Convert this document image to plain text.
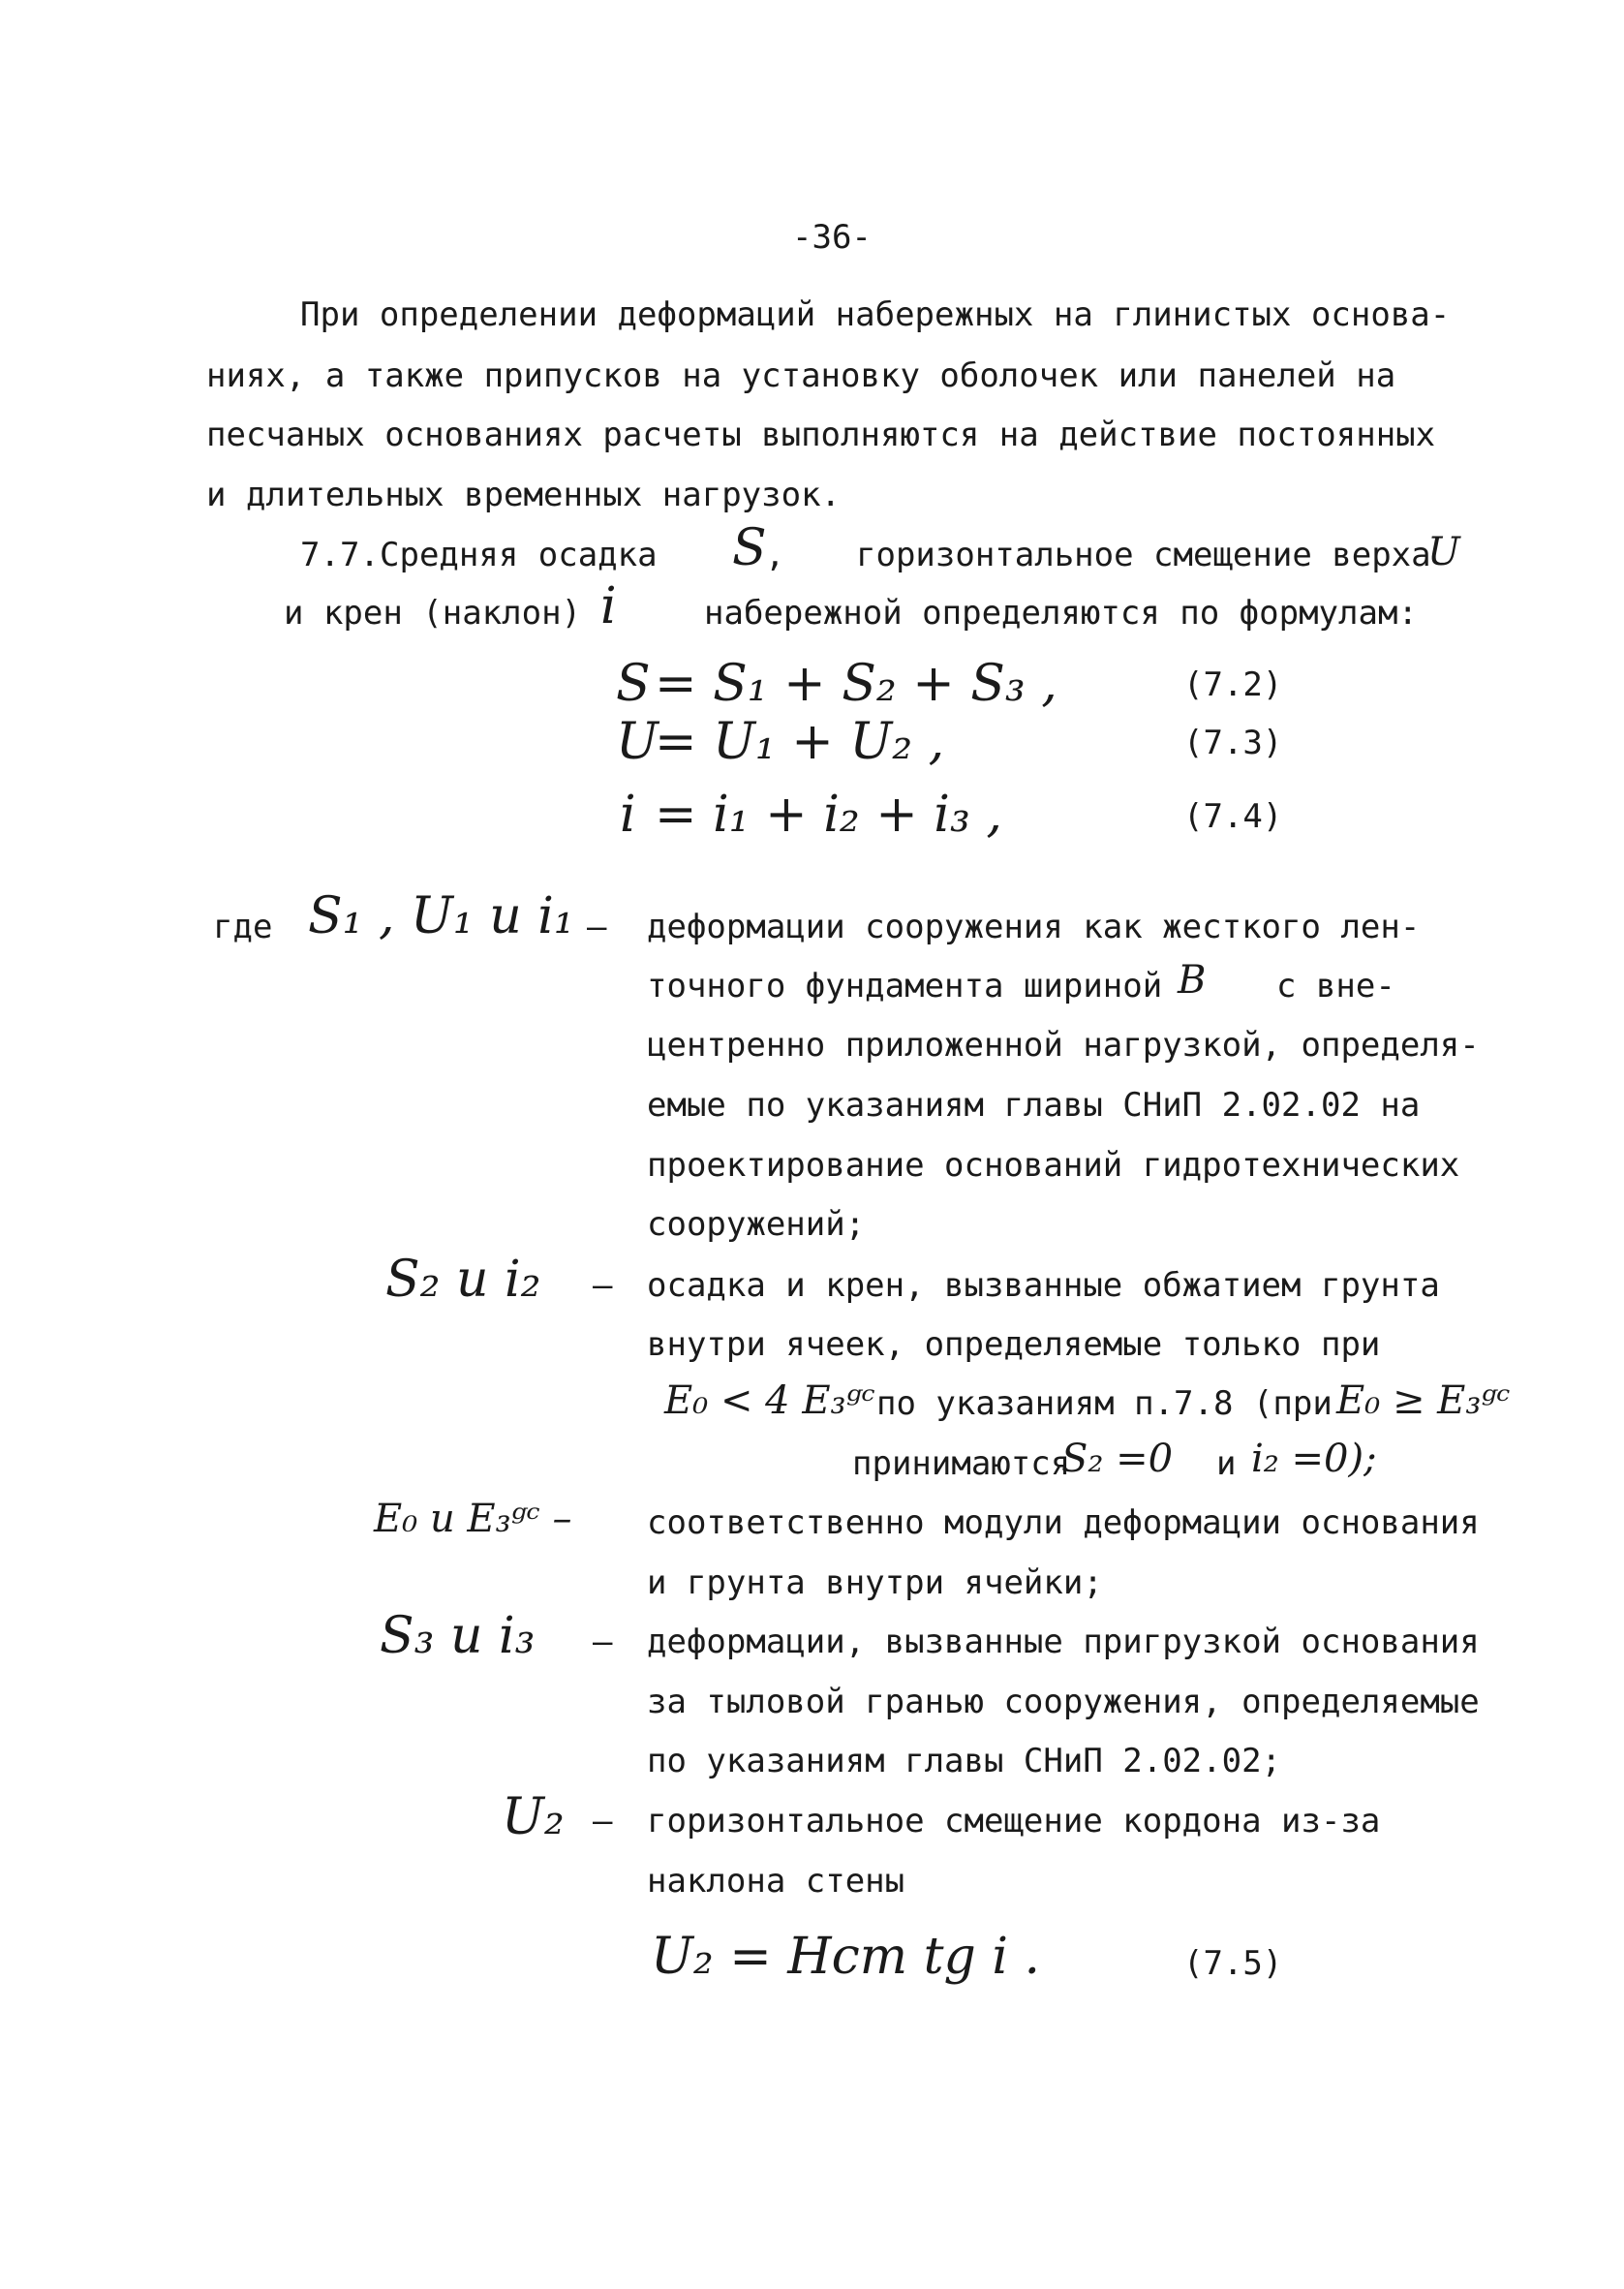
-36-
При определении деформаций набережных на глинистых основа-
ниях, а также припусков на установку оболочек или панелей на
песчаных основаниях расчеты выполняются на действие постоянных
и длительных временных нагрузок.
7.7. Средняя осадка S
, горизонтальное смещение верха
U
и крен (наклон) i	набережной определяются по формулам:
S = S₁ + S₂ + S₃ ,	(7.2)
U
= U₁ + U₂ ,	(7.3)
i = i₁ + i₂ + i₃ ,	(7.4)
где S₁ , U₁ и i₁ – деформации сооружения как жесткого лен-
точного фундамента шириной B с вне-
центренно приложенной нагрузкой, определя-
емые по указаниям главы СНиП 2.02.02 на
проектирование оснований гидротехнических
сооружений;
S₂ и i₂ – осадка и крен, вызванные обжатием грунта
внутри ячеек, определяемые только при
E₀ < 4 E₃ᵍᶜ по указаниям п.7.8 (при E₀ ≥ E₃ᵍᶜ
принимаются
S₂ =0 и i₂ =0);
E₀ и E₃ᵍᶜ – соответственно модули деформации основания
и грунта внутри ячейки;
S₃ и i₃ – деформации, вызванные пригрузкой основания
за тыловой гранью сооружения, определяемые
по указаниям главы СНиП 2.02.02;
U₂ – горизонтальное смещение кордона из-за
наклона стены
U₂ = Hст tg i .	(7.5)
